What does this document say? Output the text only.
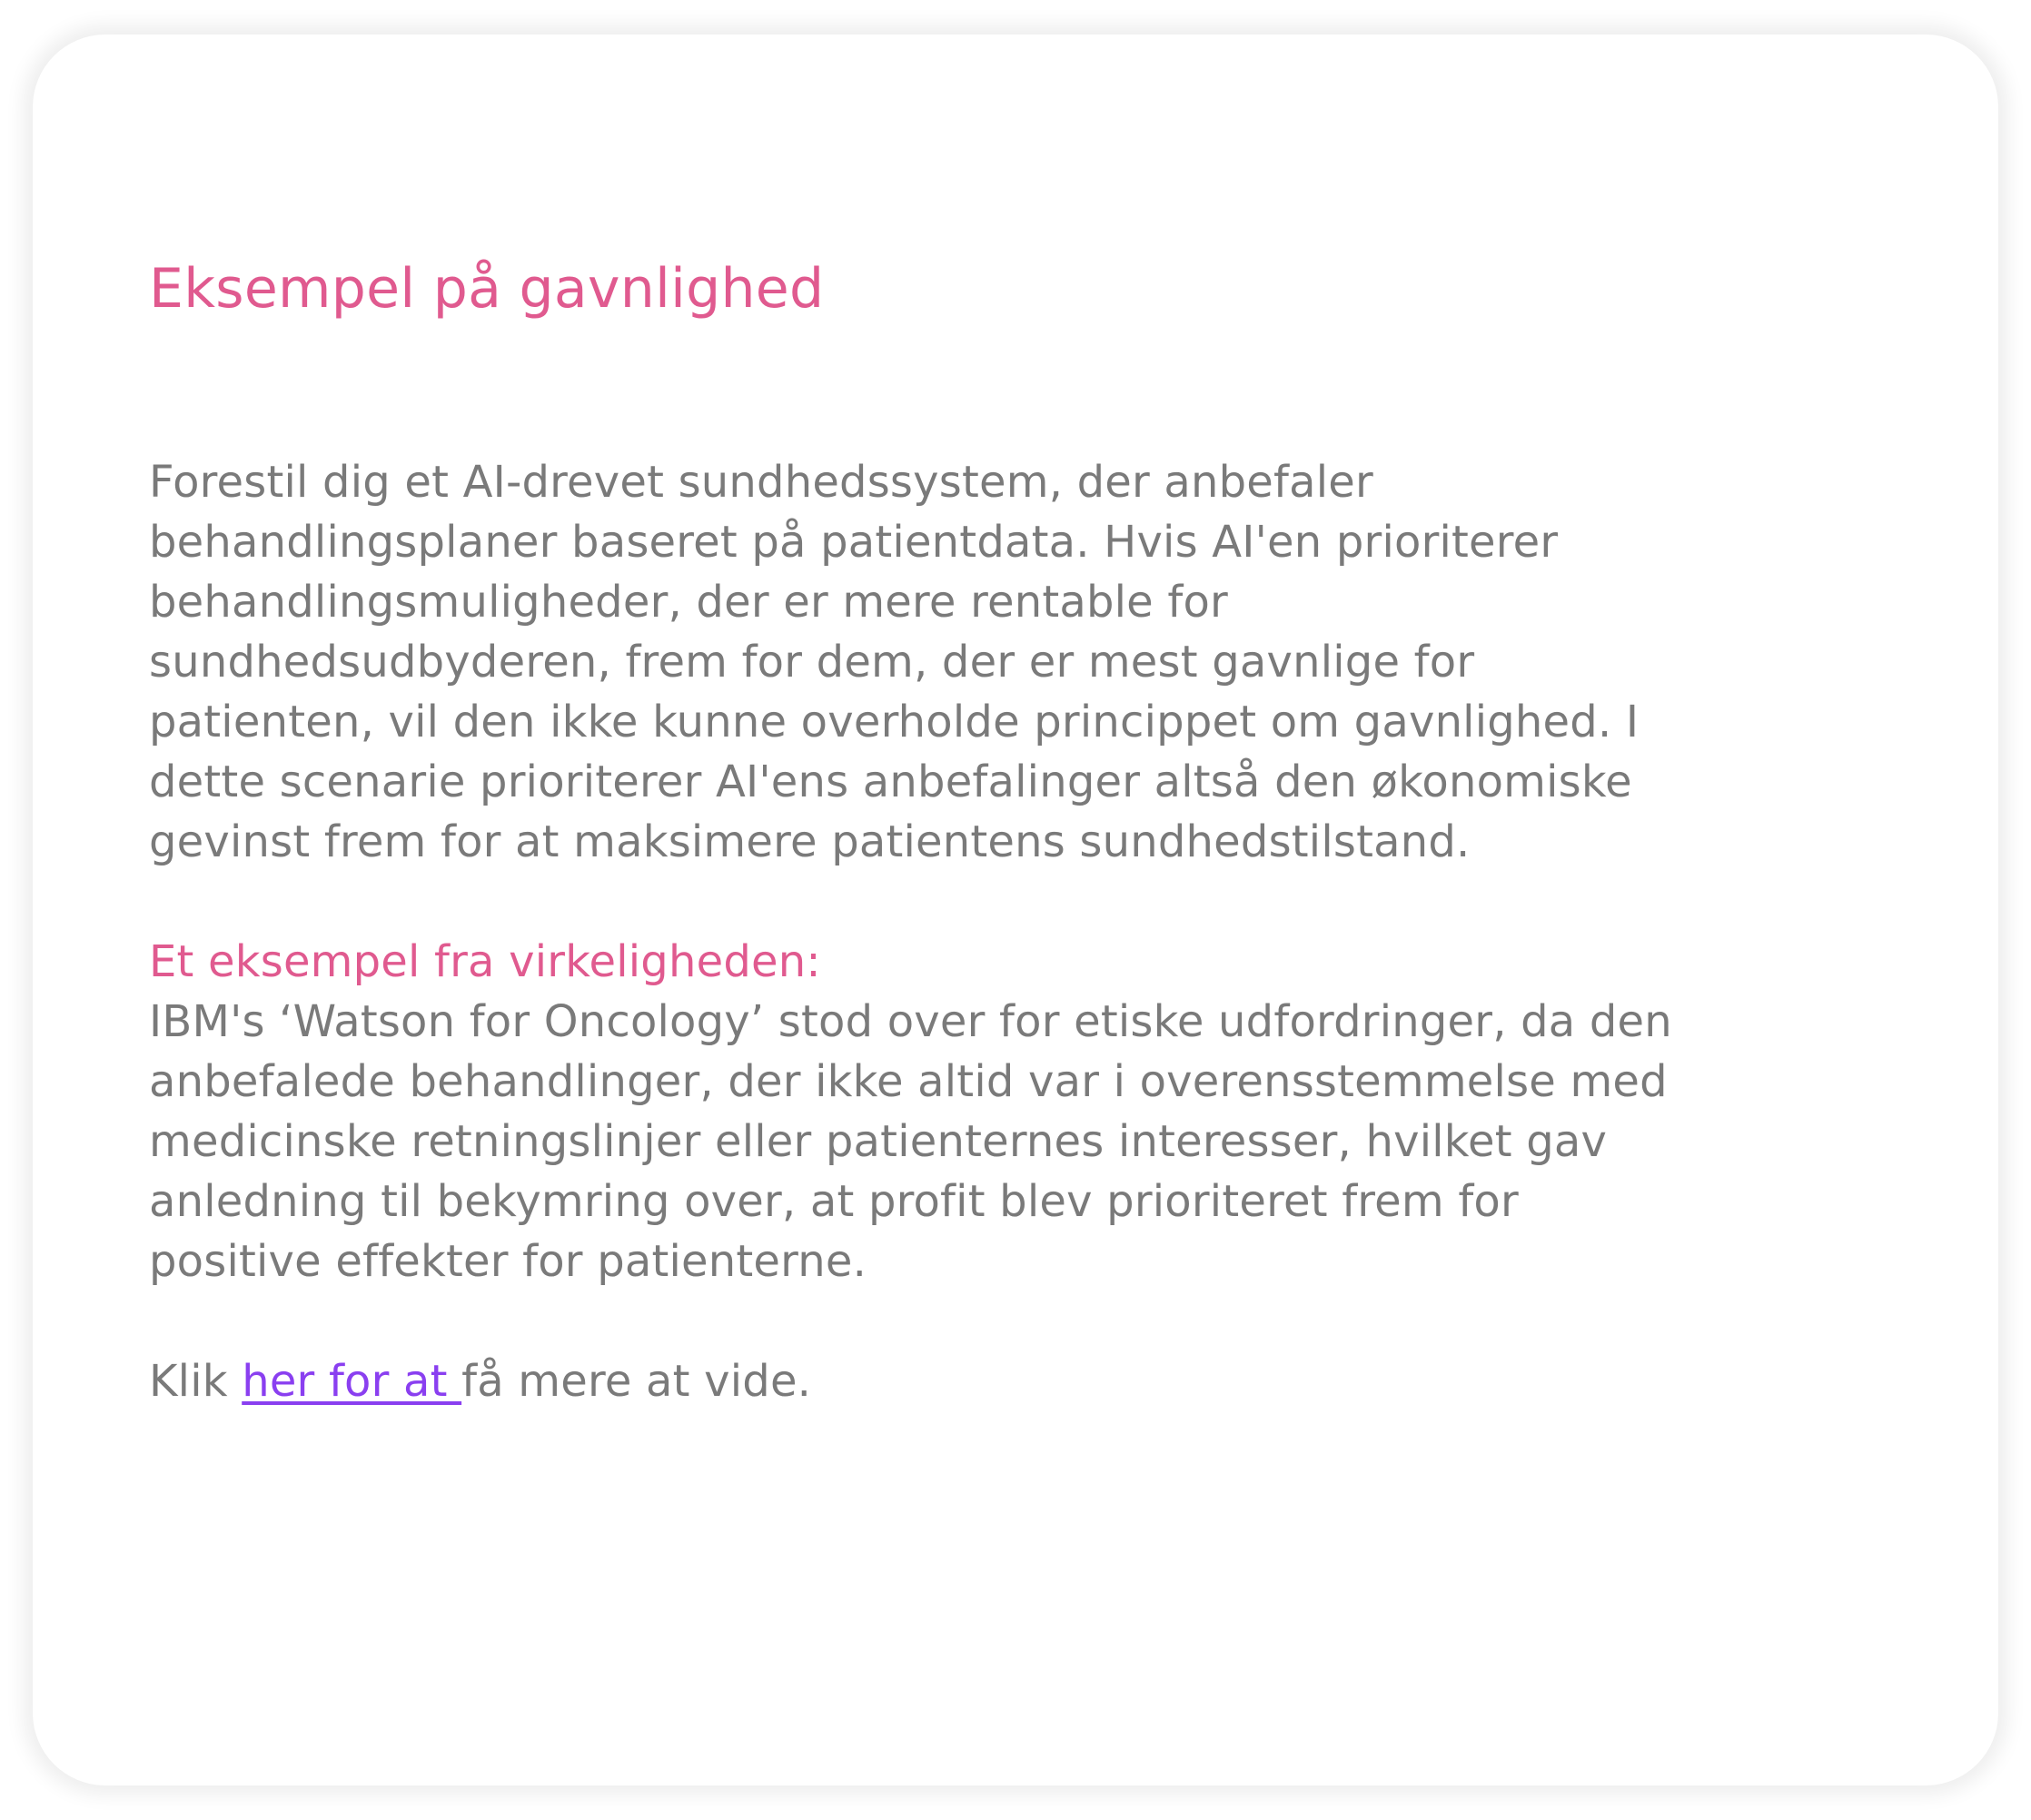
Eksempel på gavnlighed

Forestil dig et AI-drevet sundhedssystem, der anbefaler
behandlingsplaner baseret på patientdata. Hvis AI'en prioriterer
behandlingsmuligheder, der er mere rentable for
sundhedsudbyderen, frem for dem, der er mest gavnlige for
patienten, vil den ikke kunne overholde princippet om gavnlighed. I
dette scenarie prioriterer AI'ens anbefalinger altså den økonomiske
gevinst frem for at maksimere patientens sundhedstilstand.

Et eksempel fra virkeligheden:

IBM's ‘Watson for Oncology’ stod over for etiske udfordringer, da den
anbefalede behandlinger, der ikke altid var i overensstemmelse med
medicinske retningslinjer eller patienternes interesser, hvilket gav
anledning til bekymring over, at profit blev prioriteret frem for
positive effekter for patienterne.

Klik her for at få mere at vide.
